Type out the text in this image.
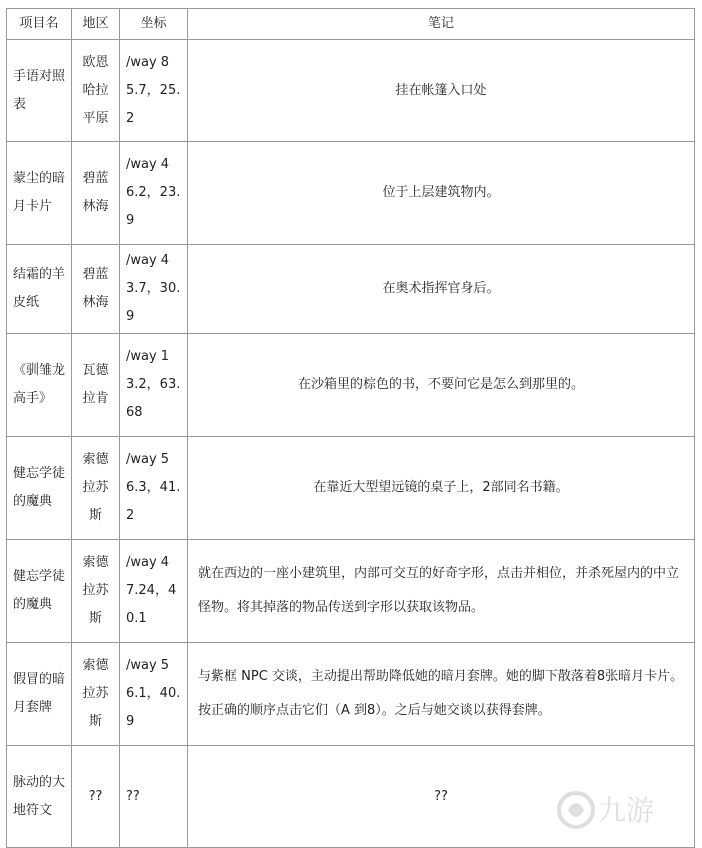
项目名	地区	坐标	笔记
手语对照表	欧恩哈拉平原	/way 85.7，25.2	挂在帐篷入口处
蒙尘的暗月卡片	碧蓝林海	/way 46.2，23.9	位于上层建筑物内。
结霜的羊皮纸	碧蓝林海	/way 43.7，30.9	在奥术指挥官身后。
《驯雏龙高手》	瓦德拉肯	/way 13.2，63.68	在沙箱里的棕色的书，不要问它是怎么到那里的。
健忘学徒的魔典	索德拉苏斯	/way 56.3，41.2	在靠近大型望远镜的桌子上，2部同名书籍。
健忘学徒的魔典	索德拉苏斯	/way 47.24，40.1	就在西边的一座小建筑里，内部可交互的好奇字形，点击并相位，并杀死屋内的中立怪物。将其掉落的物品传送到字形以获取该物品。
假冒的暗月套牌	索德拉苏斯	/way 56.1，40.9	与紫框 NPC 交谈，主动提出帮助降低她的暗月套牌。她的脚下散落着8张暗月卡片。按正确的顺序点击它们（A 到8）。之后与她交谈以获得套牌。
脉动的大地符文	??	??	??	九游
